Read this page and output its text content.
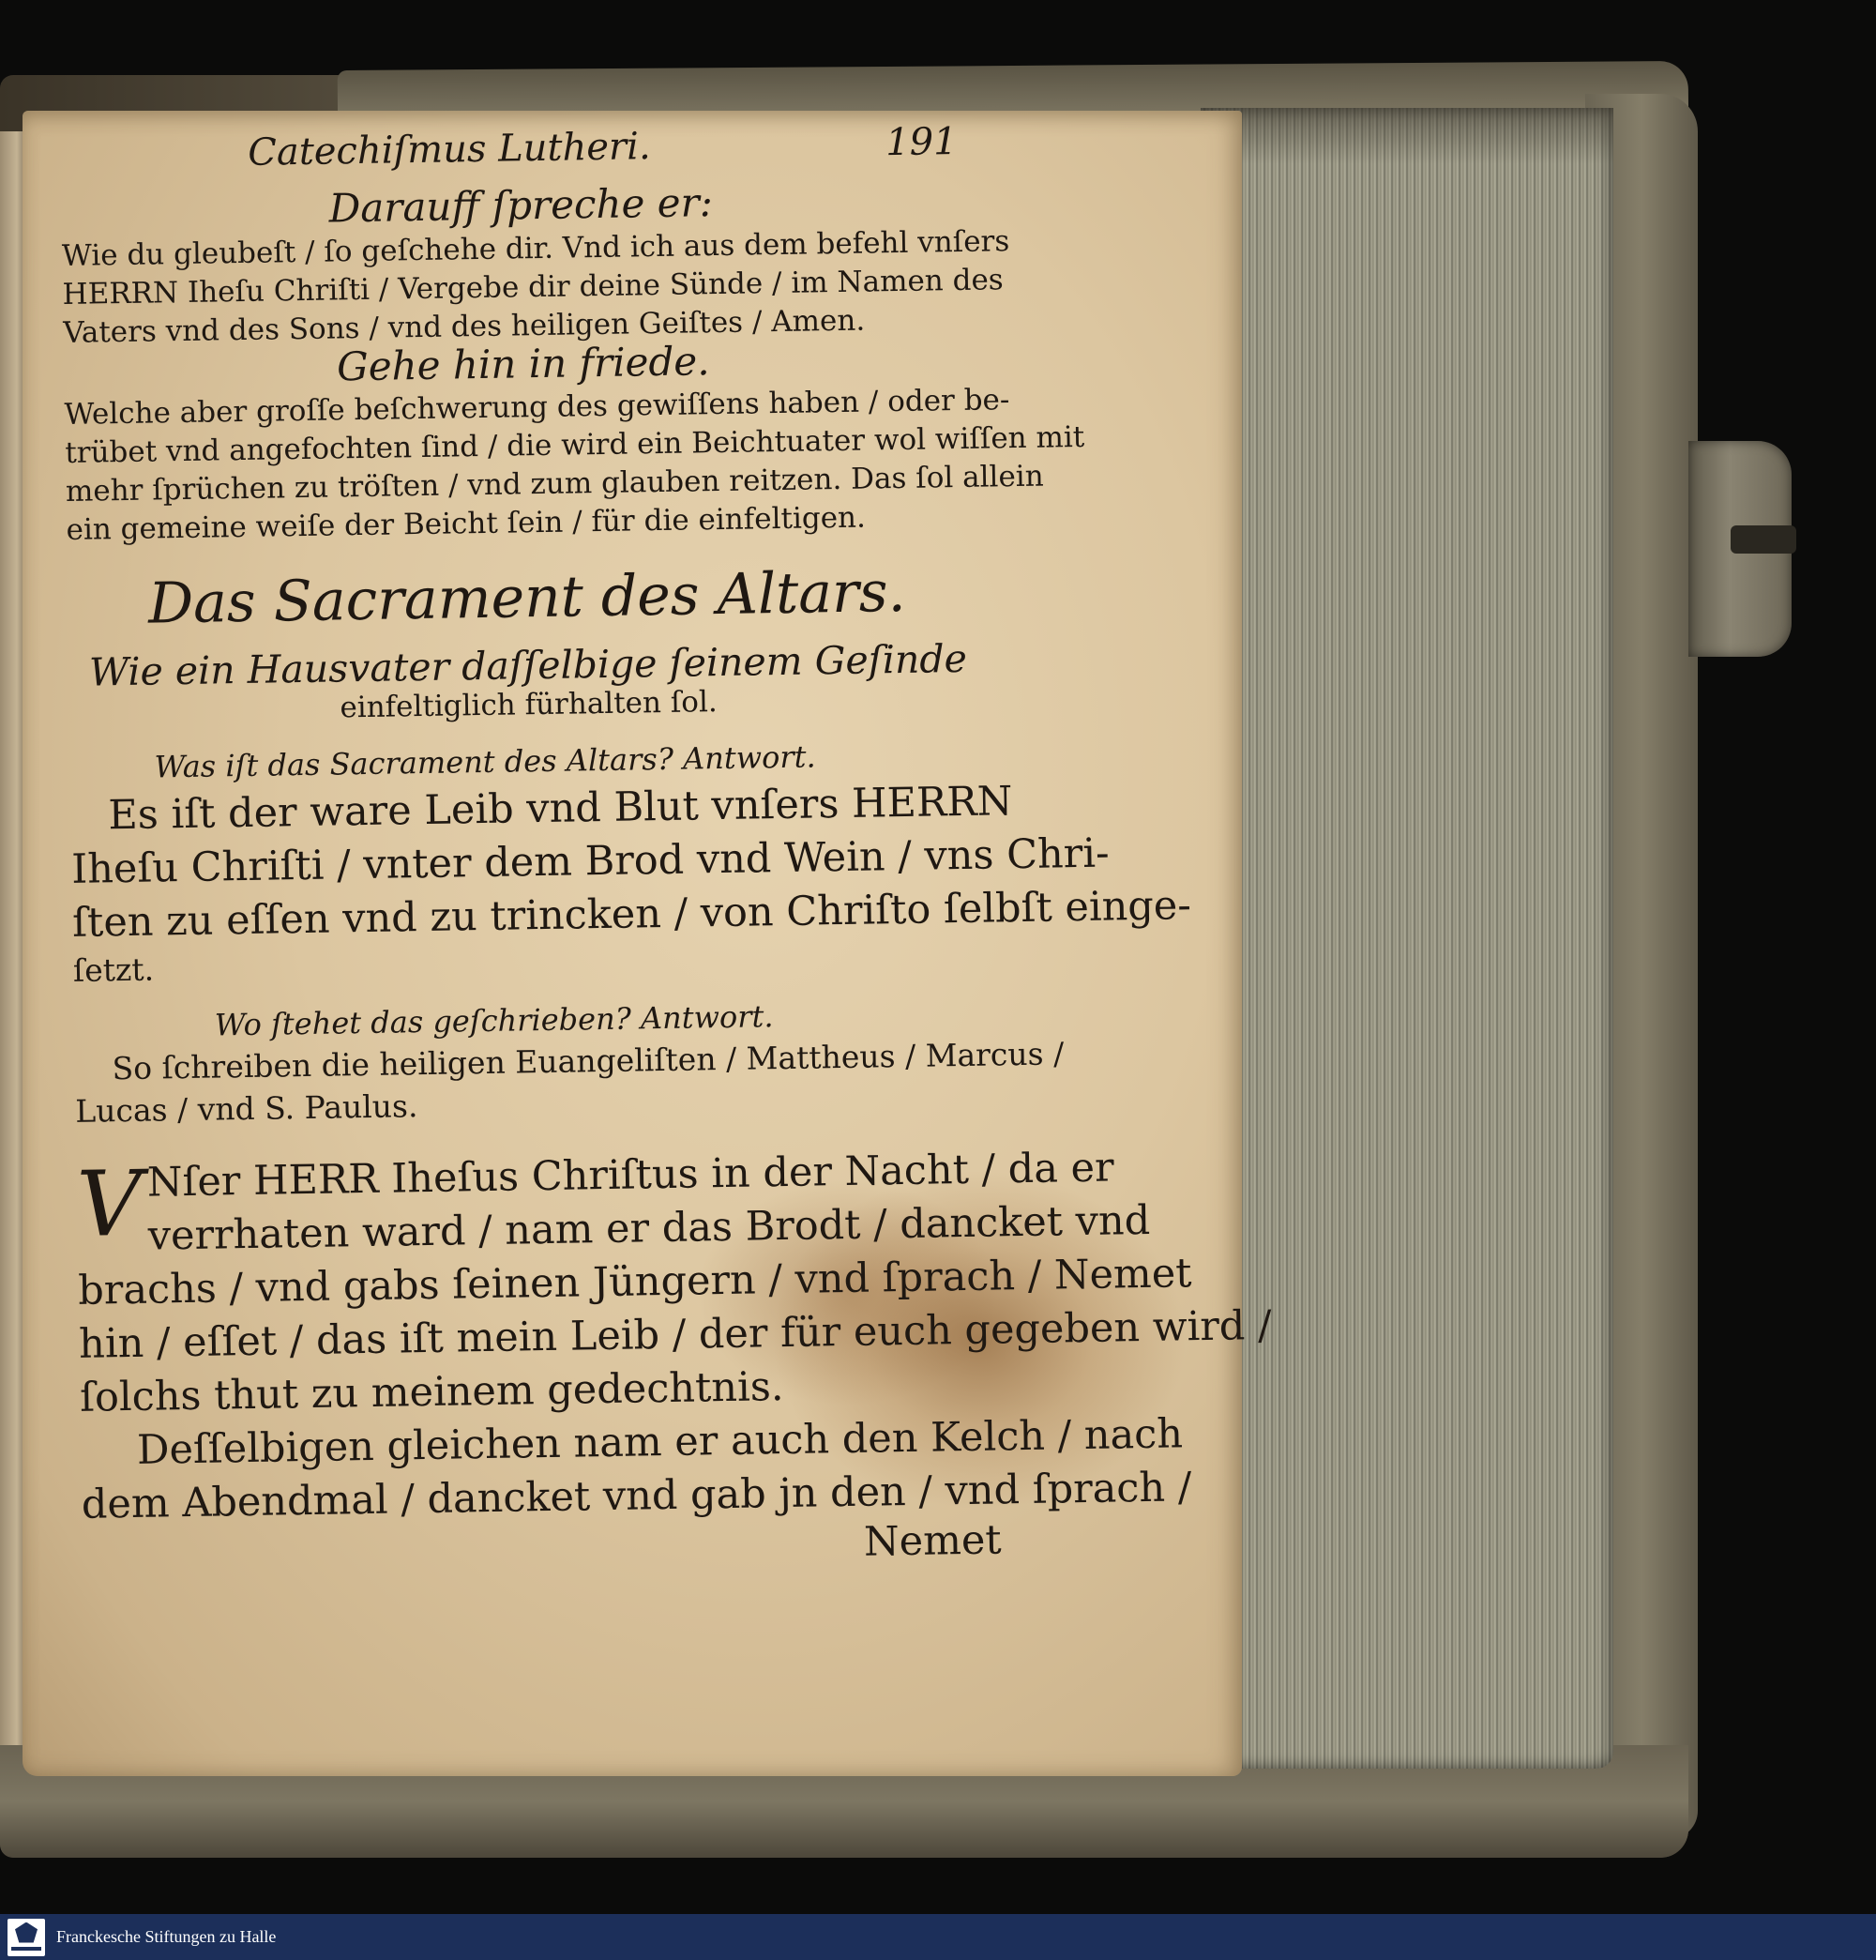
Catechiſmus Lutheri.	191
Darauff ſpreche er:
Wie du gleubeſt / ſo geſchehe dir. Vnd ich aus dem befehl vnſers
HERRN Iheſu Chriſti / Vergebe dir deine Sünde / im Namen des
Vaters vnd des Sons / vnd des heiligen Geiſtes / Amen.
Gehe hin in friede.
Welche aber groſſe beſchwerung des gewiſſens haben / oder be-
trübet vnd angefochten ſind / die wird ein Beichtuater wol wiſſen mit
mehr ſprüchen zu tröſten / vnd zum glauben reitzen. Das ſol allein
ein gemeine weiſe der Beicht ſein / für die einfeltigen.
Das Sacrament des Altars.
Wie ein Hausvater daſſelbige ſeinem Geſinde
einfeltiglich fürhalten ſol.
Was iſt das Sacrament des Altars? Antwort.
Es iſt der ware Leib vnd Blut vnſers HERRN
Iheſu Chriſti / vnter dem Brod vnd Wein / vns Chri-
ſten zu eſſen vnd zu trincken / von Chriſto ſelbſt einge-
ſetzt.
Wo ſtehet das geſchrieben? Antwort.
So ſchreiben die heiligen Euangeliſten / Mattheus / Marcus /
Lucas / vnd S. Paulus.
V Nſer HERR Iheſus Chriſtus in der Nacht / da er
verrhaten ward / nam er das Brodt / dancket vnd
brachs / vnd gabs ſeinen Jüngern / vnd ſprach / Nemet
hin / eſſet / das iſt mein Leib / der für euch gegeben wird /
ſolchs thut zu meinem gedechtnis.
Deſſelbigen gleichen nam er auch den Kelch / nach
dem Abendmal / dancket vnd gab jn den / vnd ſprach /
Nemet
Franckesche Stiftungen zu Halle
